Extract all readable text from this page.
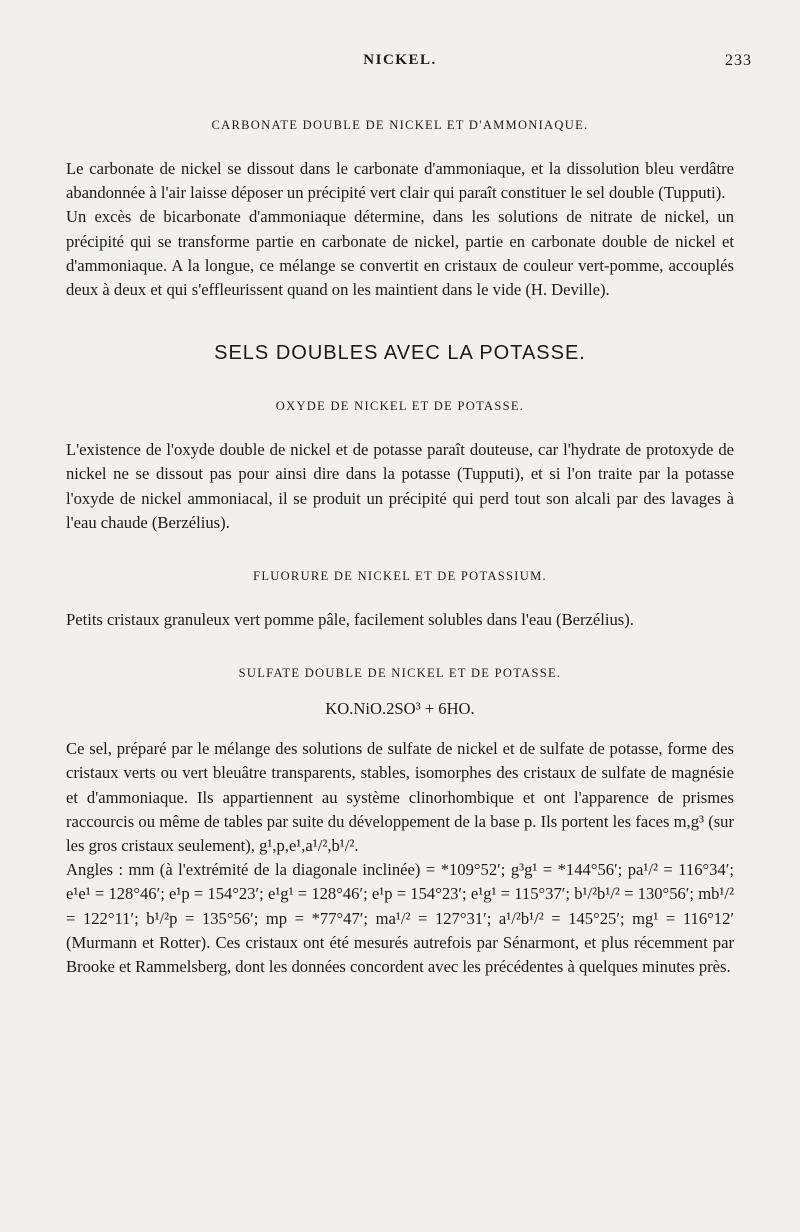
NICKEL.	233
CARBONATE DOUBLE DE NICKEL ET D'AMMONIAQUE.

Le carbonate de nickel se dissout dans le carbonate d'ammoniaque, et la dissolution bleu verdâtre abandonnée à l'air laisse déposer un précipité vert clair qui paraît constituer le sel double (Tupputi).

Un excès de bicarbonate d'ammoniaque détermine, dans les solutions de nitrate de nickel, un précipité qui se transforme partie en carbonate de nickel, partie en carbonate double de nickel et d'ammoniaque. A la longue, ce mélange se convertit en cristaux de couleur vert-pomme, accouplés deux à deux et qui s'effleurissent quand on les maintient dans le vide (H. Deville).

SELS DOUBLES AVEC LA POTASSE.
OXYDE DE NICKEL ET DE POTASSE.

L'existence de l'oxyde double de nickel et de potasse paraît douteuse, car l'hydrate de protoxyde de nickel ne se dissout pas pour ainsi dire dans la potasse (Tupputi), et si l'on traite par la potasse l'oxyde de nickel ammoniacal, il se produit un précipité qui perd tout son alcali par des lavages à l'eau chaude (Berzélius).

FLUORURE DE NICKEL ET DE POTASSIUM.

Petits cristaux granuleux vert pomme pâle, facilement solubles dans l'eau (Berzélius).

SULFATE DOUBLE DE NICKEL ET DE POTASSE.

KO.NiO.2SO³ + 6HO.

Ce sel, préparé par le mélange des solutions de sulfate de nickel et de sulfate de potasse, forme des cristaux verts ou vert bleuâtre transparents, stables, isomorphes des cristaux de sulfate de magnésie et d'ammoniaque. Ils appartiennent au système clinorhombique et ont l'apparence de prismes raccourcis ou même de tables par suite du développement de la base p. Ils portent les faces m,g³ (sur les gros cristaux seulement), g¹,p,e¹,a¹/²,b¹/².

Angles : mm (à l'extrémité de la diagonale inclinée) = *109°52′; g³g¹ = *144°56′; pa¹/² = 116°34′; e¹e¹ = 128°46′; e¹p = 154°23′; e¹g¹ = 128°46′; e¹p = 154°23′; e¹g¹ = 115°37′; b¹/²b¹/² = 130°56′; mb¹/² = 122°11′; b¹/²p = 135°56′; mp = *77°47′; ma¹/² = 127°31′; a¹/²b¹/² = 145°25′; mg¹ = 116°12′ (Murmann et Rotter). Ces cristaux ont été mesurés autrefois par Sénarmont, et plus récemment par Brooke et Rammelsberg, dont les données concordent avec les précédentes à quelques minutes près.
